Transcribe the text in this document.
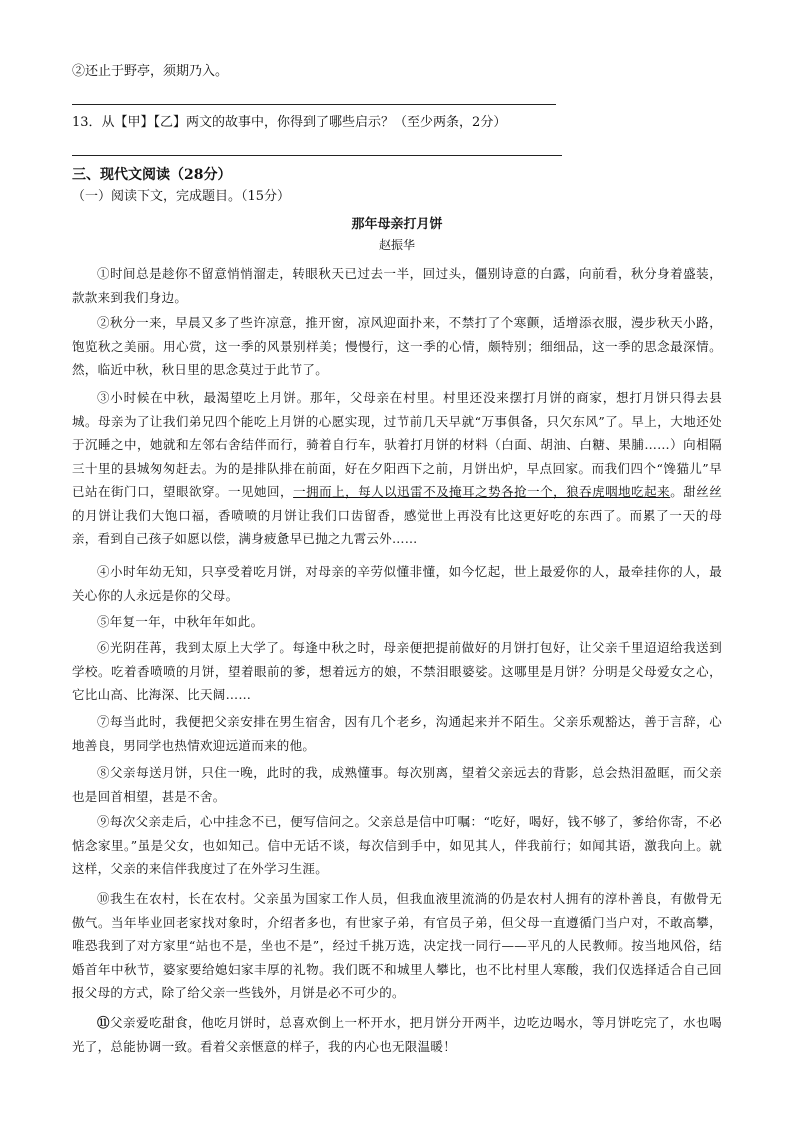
②还止于野亭，须期乃入。
13．从【甲】【乙】两文的故事中，你得到了哪些启示？（至少两条，2分）
三、现代文阅读（28分）
（一）阅读下文，完成题目。（15分）
那年母亲打月饼
赵振华
①时间总是趁你不留意悄悄溜走，转眼秋天已过去一半，回过头，僵别诗意的白露，向前看，秋分身着盛装，款款来到我们身边。
②秋分一来，早晨又多了些许凉意，推开窗，凉风迎面扑来，不禁打了个寒颤，适增添衣服，漫步秋天小路，饱览秋之美丽。用心赏，这一季的风景别样美；慢慢行，这一季的心情，颇特别；细细品，这一季的思念最深情。然，临近中秋，秋日里的思念莫过于此节了。
③小时候在中秋，最渴望吃上月饼。那年，父母亲在村里。村里还没来摆打月饼的商家，想打月饼只得去县城。母亲为了让我们弟兄四个能吃上月饼的心愿实现，过节前几天早就“万事俱备，只欠东风”了。早上，大地还处于沉睡之中，她就和左邻右舍结伴而行，骑着自行车，驮着打月饼的材料（白面、胡油、白糖、果脯……）向相隔三十里的县城匆匆赶去。为的是排队排在前面，好在夕阳西下之前，月饼出炉，早点回家。而我们四个“馋猫儿”早已站在街门口，望眼欲穿。一见她回，一拥而上，每人以迅雷不及掩耳之势各抢一个，狼吞虎咽地吃起来。甜丝丝的月饼让我们大饱口福，香喷喷的月饼让我们口齿留香，感觉世上再没有比这更好吃的东西了。而累了一天的母亲，看到自己孩子如愿以偿，满身疲惫早已抛之九霄云外……
④小时年幼无知，只享受着吃月饼，对母亲的辛劳似懂非懂，如今忆起，世上最爱你的人，最牵挂你的人，最关心你的人永远是你的父母。
⑤年复一年，中秋年年如此。
⑥光阴荏苒，我到太原上大学了。每逢中秋之时，母亲便把提前做好的月饼打包好，让父亲千里迢迢给我送到学校。吃着香喷喷的月饼，望着眼前的爹，想着远方的娘，不禁泪眼婆娑。这哪里是月饼？分明是父母爱女之心，它比山高、比海深、比天阔……
⑦每当此时，我便把父亲安排在男生宿舍，因有几个老乡，沟通起来并不陌生。父亲乐观豁达，善于言辞，心地善良，男同学也热情欢迎远道而来的他。
⑧父亲每送月饼，只住一晚，此时的我，成熟懂事。每次别离，望着父亲远去的背影，总会热泪盈眶，而父亲也是回首相望，甚是不舍。
⑨每次父亲走后，心中挂念不已，便写信问之。父亲总是信中叮嘱：“吃好，喝好，钱不够了，爹给你寄，不必惦念家里。”虽是父女，也如知己。信中无话不谈，每次信到手中，如见其人，伴我前行；如闻其语，激我向上。就这样，父亲的来信伴我度过了在外学习生涯。
⑩我生在农村，长在农村。父亲虽为国家工作人员，但我血液里流淌的仍是农村人拥有的淳朴善良，有傲骨无傲气。当年毕业回老家找对象时，介绍者多也，有世家子弟，有官员子弟，但父母一直遵循门当户对，不敢高攀，唯恐我到了对方家里“站也不是，坐也不是”，经过千挑万选，决定找一同行——平凡的人民教师。按当地风俗，结婚首年中秋节，婆家要给媳妇家丰厚的礼物。我们既不和城里人攀比，也不比村里人寒酸，我们仅选择适合自己回报父母的方式，除了给父亲一些钱外，月饼是必不可少的。
⑪父亲爱吃甜食，他吃月饼时，总喜欢倒上一杯开水，把月饼分开两半，边吃边喝水，等月饼吃完了，水也喝光了，总能协调一致。看着父亲惬意的样子，我的内心也无限温暖！
